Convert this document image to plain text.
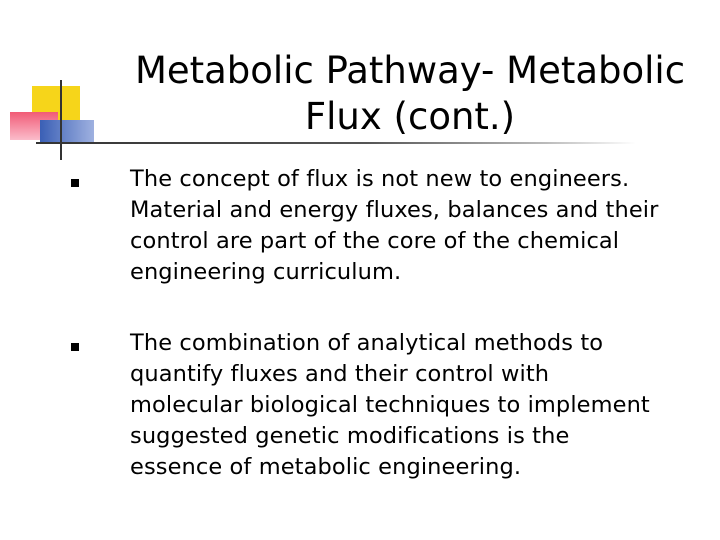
Metabolic Pathway- Metabolic
Flux (cont.)

The concept of flux is not new to engineers.
Material and energy fluxes, balances and their
control are part of the core of the chemical
engineering curriculum.

The combination of analytical methods to
quantify fluxes and their control with
molecular biological techniques to implement
suggested genetic modifications is the
essence of metabolic engineering.
